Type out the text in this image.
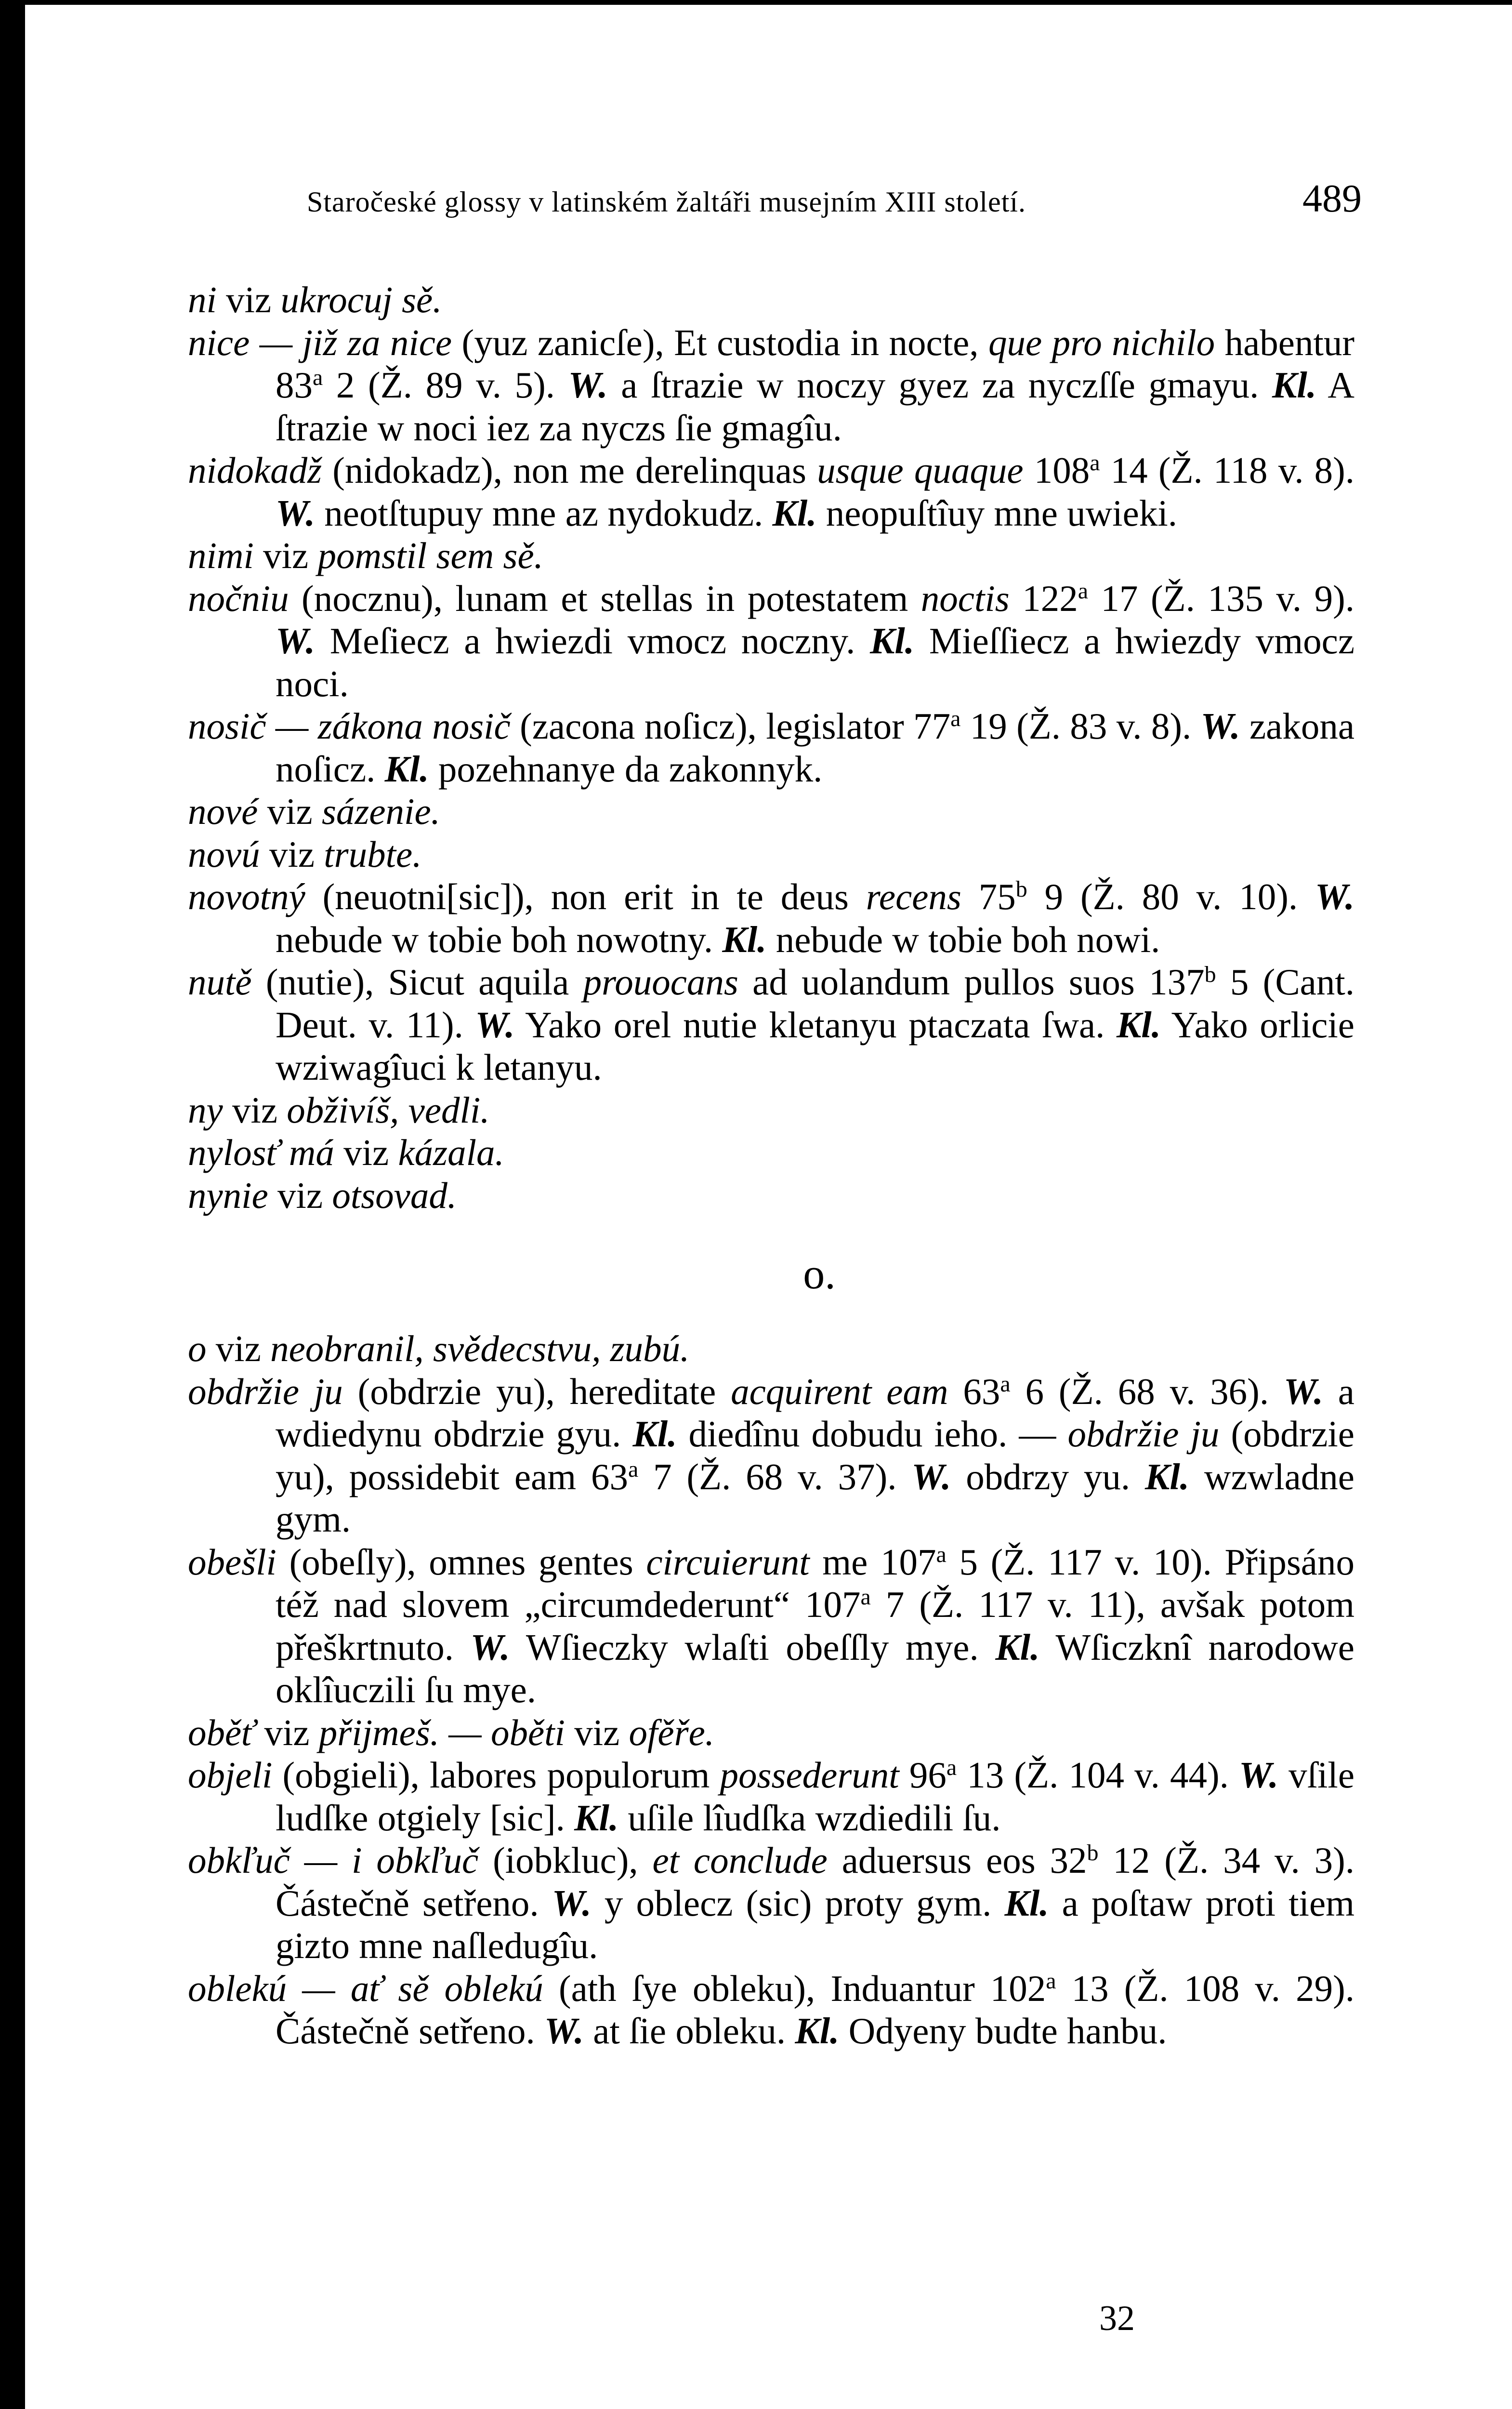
Staročeské glossy v latinském žaltáři musejním XIII století.	489

ni viz ukrocuj sě.

nice — již za nice (yuz zanicſe), Et custodia in nocte, que pro nichilo habentur 83$^a$ 2 (Ž. 89 v. 5). W. a ſtrazie w noczy gyez za nyczſſe gmayu. Kl. A ſtrazie w noci iez za nyczs ſie gmagîu.

nidokadž (nidokadz), non me derelinquas usque quaque 108$^a$ 14 (Ž. 118 v. 8). W. neotſtupuy mne az nydokudz. Kl. neopuſtîuy mne uwieki.

nimi viz pomstil sem sě.

nočniu (nocznu), lunam et stellas in potestatem noctis 122$^a$ 17 (Ž. 135 v. 9). W. Meſiecz a hwiezdi vmocz noczny. Kl. Mieſſiecz a hwiezdy vmocz noci.

nosič — zákona nosič (zacona noſicz), legislator 77$^a$ 19 (Ž. 83 v. 8). W. zakona noſicz. Kl. pozehnanye da zakonnyk.

nové viz sázenie.

novú viz trubte.

novotný (neuotni[sic]), non erit in te deus recens 75$^b$ 9 (Ž. 80 v. 10). W. nebude w tobie boh nowotny. Kl. nebude w tobie boh nowi.

nutě (nutie), Sicut aquila prouocans ad uolandum pullos suos 137$^b$ 5 (Cant. Deut. v. 11). W. Yako orel nutie kletanyu ptaczata ſwa. Kl. Yako orlicie wziwagîuci k letanyu.

ny viz obživíš, vedli.

nylosť má viz kázala.

nynie viz otsovad.

o.

o viz neobranil, svědecstvu, zubú.

obdržie ju (obdrzie yu), hereditate acquirent eam 63$^a$ 6 (Ž. 68 v. 36). W. a wdiedynu obdrzie gyu. Kl. diedînu dobudu ieho. — obdržie ju (obdrzie yu), possidebit eam 63$^a$ 7 (Ž. 68 v. 37). W. obdrzy yu. Kl. wzwladne gym.

obešli (obeſly), omnes gentes circuierunt me 107$^a$ 5 (Ž. 117 v. 10). Připsáno též nad slovem „circumdederunt“ 107$^a$ 7 (Ž. 117 v. 11), avšak potom přeškrtnuto. W. Wſieczky wlaſti obeſſly mye. Kl. Wſiczknî narodowe oklîuczili ſu mye.

oběť viz přijmeš. — oběti viz ofěře.

objeli (obgieli), labores populorum possederunt 96$^a$ 13 (Ž. 104 v. 44). W. vſile ludſke otgiely [sic]. Kl. uſile lîudſka wzdiedili ſu.

obkľuč — i obkľuč (iobkluc), et conclude aduersus eos 32$^b$ 12 (Ž. 34 v. 3). Částečně setřeno. W. y oblecz (sic) proty gym. Kl. a poſtaw proti tiem gizto mne naſledugîu.

oblekú — ať sě oblekú (ath ſye obleku), Induantur 102$^a$ 13 (Ž. 108 v. 29). Částečně setřeno. W. at ſie obleku. Kl. Odyeny budte hanbu.

32
